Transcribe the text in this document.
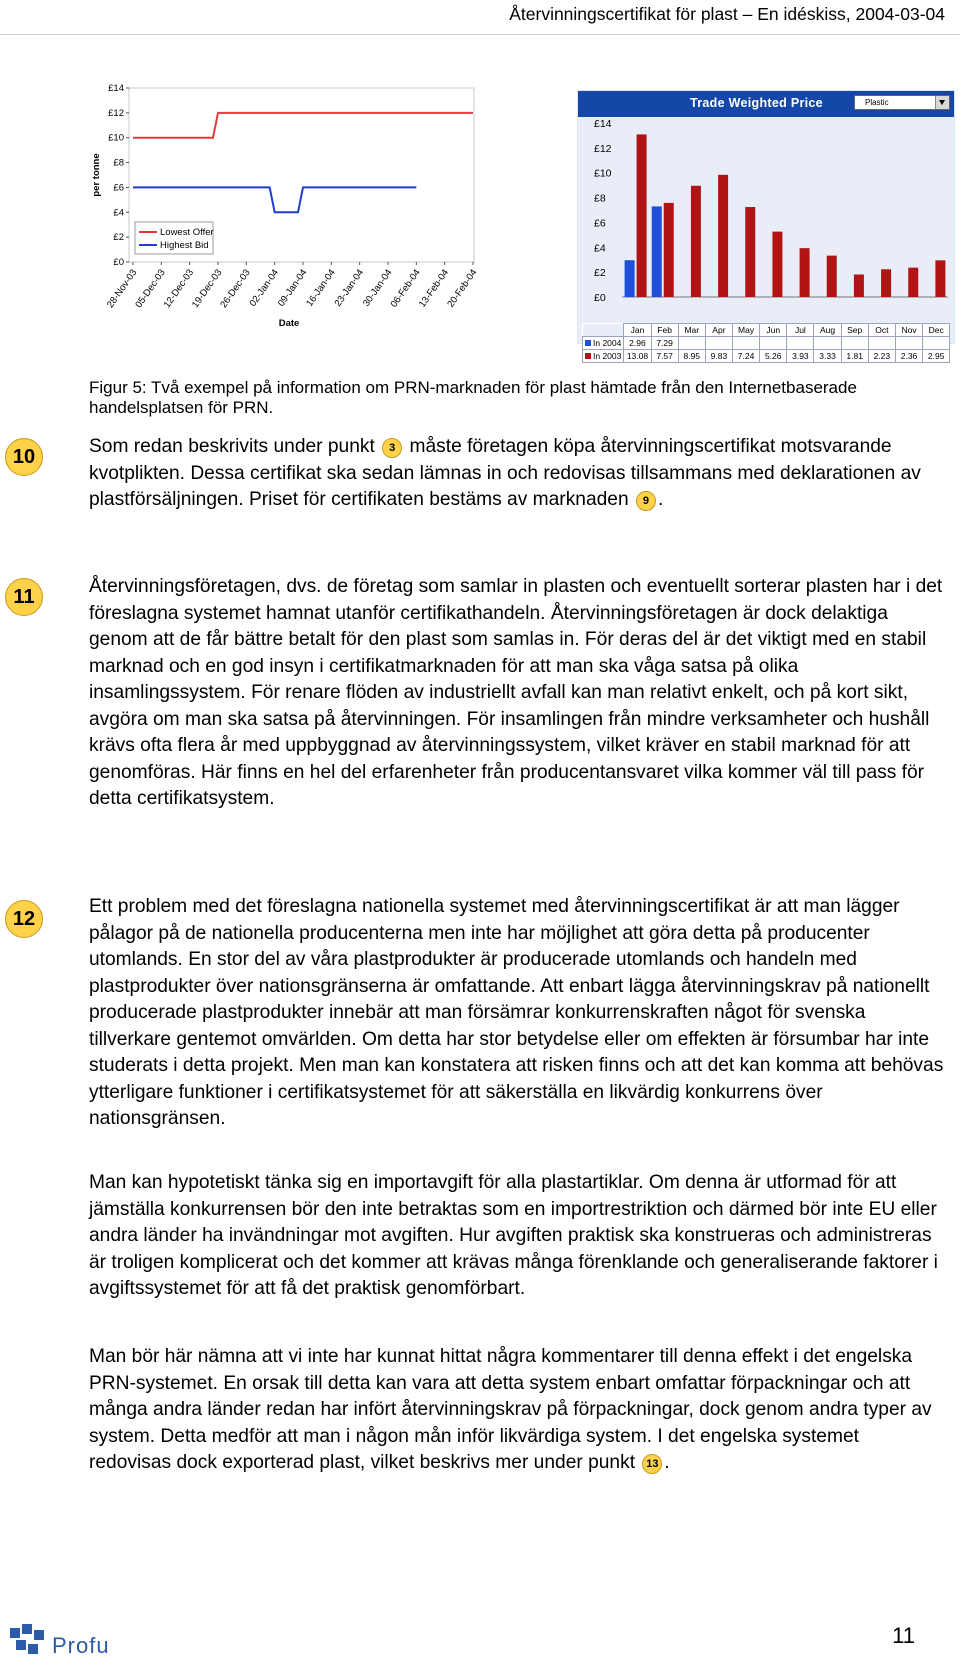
Återvinningscertifikat för plast – En idéskiss, 2004-03-04
£0
£2
£4
£6
£8
£10
£12
£14
28-Nov-03
05-Dec-03
12-Dec-03
19-Dec-03
26-Dec-03
02-Jan-04
09-Jan-04
16-Jan-04
23-Jan-04
30-Jan-04
06-Feb-04
13-Feb-04
20-Feb-04
Date
per tonne
Lowest Offer
Highest Bid
Trade Weighted Price	Plastic
£0
£2
£4
£6
£8
£10
£12
£14
	Jan	Feb	Mar	Apr	May	Jun	Jul	Aug	Sep	Oct	Nov	Dec
In 2004	2.96	7.29										
In 2003	13.08	7.57	8.95	9.83	7.24	5.26	3.93	3.33	1.81	2.23	2.36	2.95
Figur 5: Två exempel på information om PRN-marknaden för plast hämtade från den Internetbaserade handelsplatsen för PRN.
10	Som redan beskrivits under punkt 3 måste företagen köpa återvinningscertifikat motsvarande kvotplikten. Dessa certifikat ska sedan lämnas in och redovisas tillsammans med deklarationen av plastförsäljningen. Priset för certifikaten bestäms av marknaden 9 .
11	Återvinningsföretagen, dvs. de företag som samlar in plasten och eventuellt sorterar plasten har i det föreslagna systemet hamnat utanför certifikathandeln. Återvinningsföretagen är dock delaktiga genom att de får bättre betalt för den plast som samlas in. För deras del är det viktigt med en stabil marknad och en god insyn i certifikatmarknaden för att man ska våga satsa på olika insamlingssystem. För renare flöden av industriellt avfall kan man relativt enkelt, och på kort sikt, avgöra om man ska satsa på återvinningen. För insamlingen från mindre verksamheter och hushåll krävs ofta flera år med uppbyggnad av återvinningssystem, vilket kräver en stabil marknad för att genomföras. Här finns en hel del erfarenheter från producentansvaret vilka kommer väl till pass för detta certifikatsystem.
12
Ett problem med det föreslagna nationella systemet med återvinningscertifikat är att man lägger pålagor på de nationella producenterna men inte har möjlighet att göra detta på producenter utomlands. En stor del av våra plastprodukter är producerade utomlands och handeln med plastprodukter över nationsgränserna är omfattande. Att enbart lägga återvinningskrav på nationellt producerade plastprodukter innebär att man försämrar konkurrenskraften något för svenska tillverkare gentemot omvärlden. Om detta har stor betydelse eller om effekten är försumbar har inte studerats i detta projekt. Men man kan konstatera att risken finns och att det kan komma att behövas ytterligare funktioner i certifikatsystemet för att säkerställa en likvärdig konkurrens över nationsgränsen.
Man kan hypotetiskt tänka sig en importavgift för alla plastartiklar. Om denna är utformad för att jämställa konkurrensen bör den inte betraktas som en importrestriktion och därmed bör inte EU eller andra länder ha invändningar mot avgiften. Hur avgiften praktisk ska konstrueras och administreras är troligen komplicerat och det kommer att krävas många förenklande och generaliserande faktorer i avgiftssystemet för att få det praktisk genomförbart.
Man bör här nämna att vi inte har kunnat hittat några kommentarer till denna effekt i det engelska PRN-systemet. En orsak till detta kan vara att detta system enbart omfattar förpackningar och att många andra länder redan har infört återvinningskrav på förpackningar, dock genom andra typer av system. Detta medför att man i någon mån inför likvärdiga system. I det engelska systemet redovisas dock exporterad plast, vilket beskrivs mer under punkt 13 .
Profu	11
